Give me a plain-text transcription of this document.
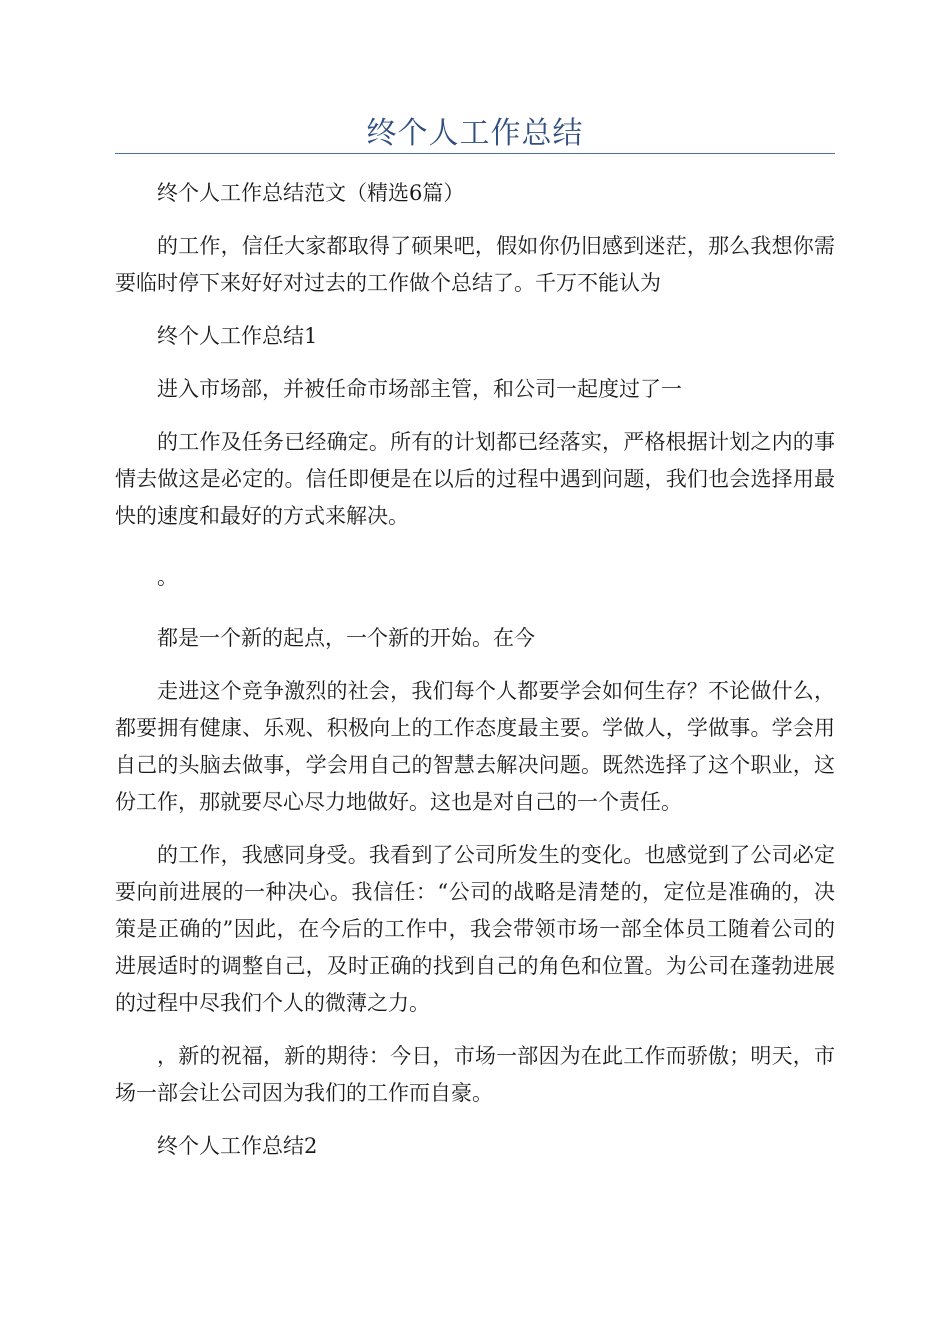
终个人工作总结

终个人工作总结范文（精选6篇）

的工作，信任大家都取得了硕果吧，假如你仍旧感到迷茫，那么我想你需要临时停下来好好对过去的工作做个总结了。千万不能认为

终个人工作总结1

进入市场部，并被任命市场部主管，和公司一起度过了一

的工作及任务已经确定。所有的计划都已经落实，严格根据计划之内的事情去做这是必定的。信任即便是在以后的过程中遇到问题，我们也会选择用最快的速度和最好的方式来解决。

。

都是一个新的起点，一个新的开始。在今

走进这个竞争激烈的社会，我们每个人都要学会如何生存？不论做什么，都要拥有健康、乐观、积极向上的工作态度最主要。学做人，学做事。学会用自己的头脑去做事，学会用自己的智慧去解决问题。既然选择了这个职业，这份工作，那就要尽心尽力地做好。这也是对自己的一个责任。

的工作，我感同身受。我看到了公司所发生的变化。也感觉到了公司必定要向前进展的一种决心。我信任：“公司的战略是清楚的，定位是准确的，决策是正确的”因此，在今后的工作中，我会带领市场一部全体员工随着公司的进展适时的调整自己，及时正确的找到自己的角色和位置。为公司在蓬勃进展的过程中尽我们个人的微薄之力。

，新的祝福，新的期待：今日，市场一部因为在此工作而骄傲；明天，市场一部会让公司因为我们的工作而自豪。

终个人工作总结2
